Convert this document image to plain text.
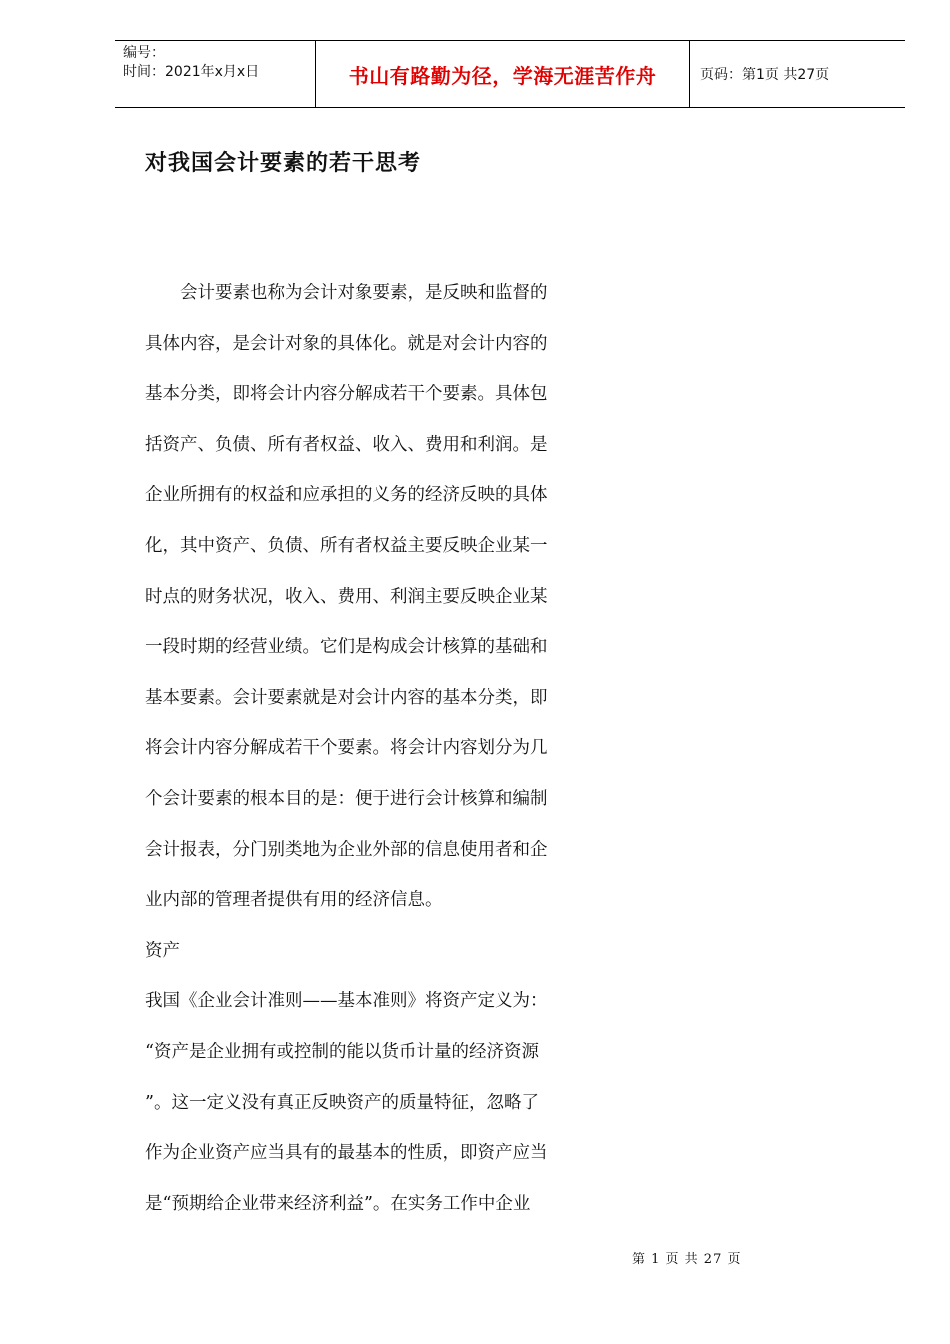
编号：
时间：2021年x月x日	书山有路勤为径，学海无涯苦作舟	页码：第1页 共27页
对我国会计要素的若干思考
　　会计要素也称为会计对象要素，是反映和监督的
具体内容，是会计对象的具体化。就是对会计内容的
基本分类，即将会计内容分解成若干个要素。具体包
括资产、负债、所有者权益、收入、费用和利润。是
企业所拥有的权益和应承担的义务的经济反映的具体
化，其中资产、负债、所有者权益主要反映企业某一
时点的财务状况，收入、费用、利润主要反映企业某
一段时期的经营业绩。它们是构成会计核算的基础和
基本要素。会计要素就是对会计内容的基本分类，即
将会计内容分解成若干个要素。将会计内容划分为几
个会计要素的根本目的是：便于进行会计核算和编制
会计报表，分门别类地为企业外部的信息使用者和企
业内部的管理者提供有用的经济信息。
资产
我国《企业会计准则——基本准则》将资产定义为：
“资产是企业拥有或控制的能以货币计量的经济资源
”。这一定义没有真正反映资产的质量特征，忽略了
作为企业资产应当具有的最基本的性质，即资产应当
是“预期给企业带来经济利益”。在实务工作中企业
第 1 页 共 27 页
